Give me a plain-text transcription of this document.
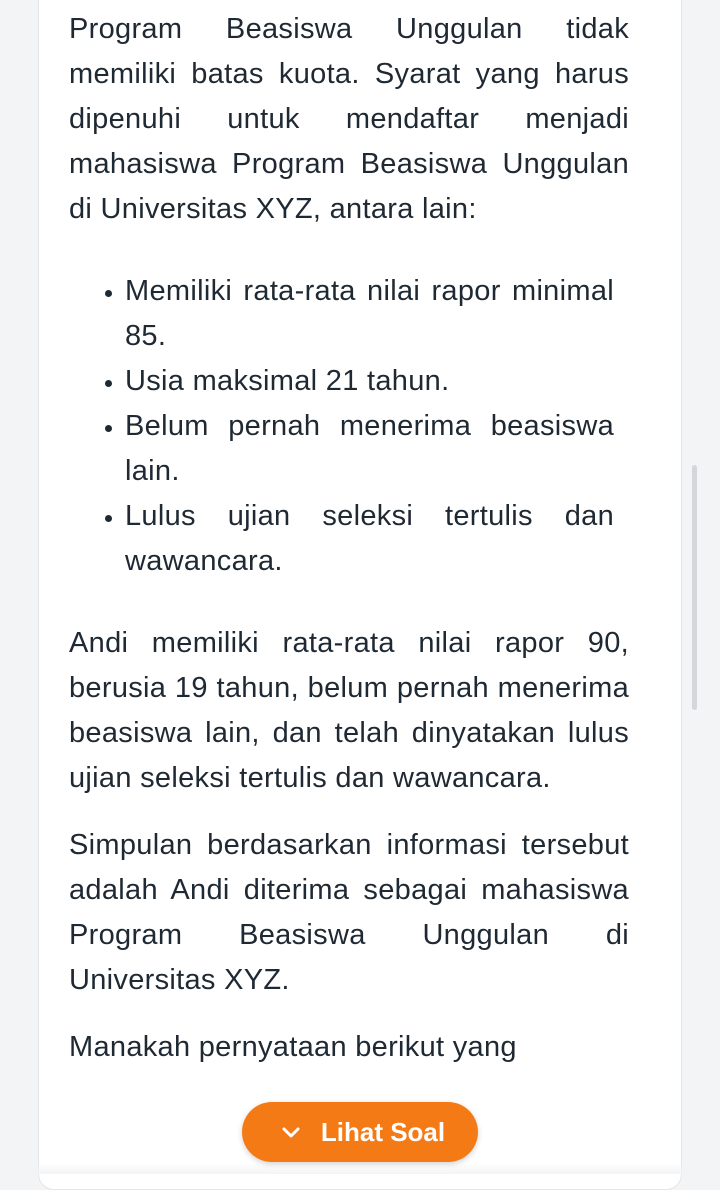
Program Beasiswa Unggulan tidak memiliki batas kuota. Syarat yang harus dipenuhi untuk mendaftar menjadi mahasiswa Program Beasiswa Unggulan di Universitas XYZ, antara lain:

• Memiliki rata-rata nilai rapor minimal 85.
• Usia maksimal 21 tahun.
• Belum pernah menerima beasiswa lain.
• Lulus ujian seleksi tertulis dan wawancara.

Andi memiliki rata-rata nilai rapor 90, berusia 19 tahun, belum pernah menerima beasiswa lain, dan telah dinyatakan lulus ujian seleksi tertulis dan wawancara.

Simpulan berdasarkan informasi tersebut adalah Andi diterima sebagai mahasiswa Program Beasiswa Unggulan di Universitas XYZ.

Manakah pernyataan berikut yang

Lihat Soal
